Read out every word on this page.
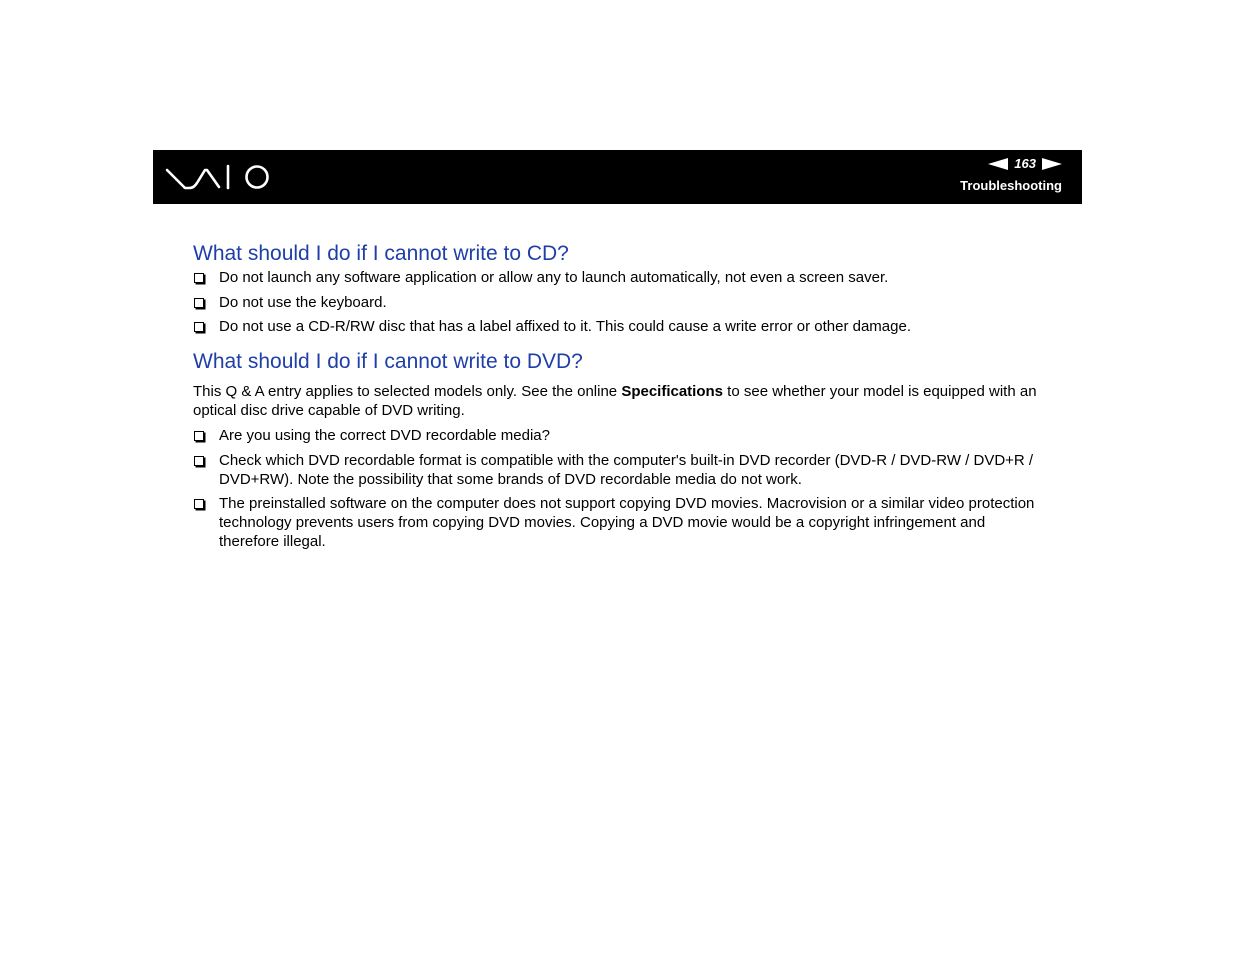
163
Troubleshooting
What should I do if I cannot write to CD?
Do not launch any software application or allow any to launch automatically, not even a screen saver.
Do not use the keyboard.
Do not use a CD-R/RW disc that has a label affixed to it. This could cause a write error or other damage.
What should I do if I cannot write to DVD?

This Q & A entry applies to selected models only. See the online Specifications to see whether your model is equipped with an optical disc drive capable of DVD writing.

Are you using the correct DVD recordable media?
Check which DVD recordable format is compatible with the computer's built-in DVD recorder (DVD-R / DVD-RW / DVD+R / DVD+RW). Note the possibility that some brands of DVD recordable media do not work.
The preinstalled software on the computer does not support copying DVD movies. Macrovision or a similar video protection technology prevents users from copying DVD movies. Copying a DVD movie would be a copyright infringement and therefore illegal.
